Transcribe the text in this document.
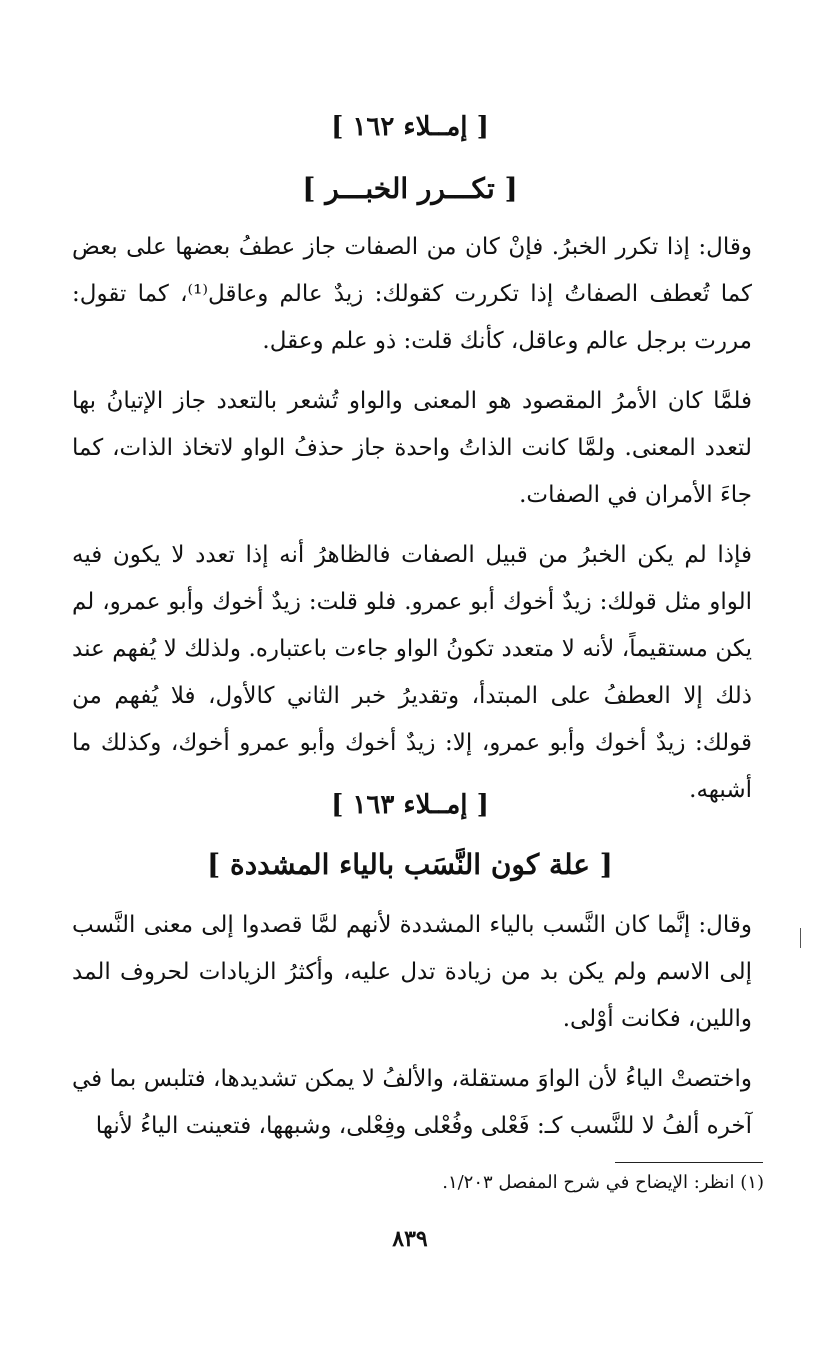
[ إمــلاء ١٦٢ ]
[ تكـــرر الخبـــر ]

وقال: إذا تكرر الخبرُ. فإنْ كان من الصفات جاز عطفُ بعضها على بعض كما تُعطف الصفاتُ إذا تكررت كقولك: زيدٌ عالم وعاقل⁽¹⁾، كما تقول: مررت برجل عالم وعاقل، كأنك قلت: ذو علم وعقل.

فلمَّا كان الأمرُ المقصود هو المعنى والواو تُشعر بالتعدد جاز الإتيانُ بها لتعدد المعنى. ولمَّا كانت الذاتُ واحدة جاز حذفُ الواو لاتخاذ الذات، كما جاءَ الأمران في الصفات.

فإذا لم يكن الخبرُ من قبيل الصفات فالظاهرُ أنه إذا تعدد لا يكون فيه الواو مثل قولك: زيدٌ أخوك أبو عمرو. فلو قلت: زيدٌ أخوك وأبو عمرو، لم يكن مستقيماً، لأنه لا متعدد تكونُ الواو جاءت باعتباره. ولذلك لا يُفهم عند ذلك إلا العطفُ على المبتدأ، وتقديرُ خبر الثاني كالأول، فلا يُفهم من قولك: زيدٌ أخوك وأبو عمرو، إلا: زيدٌ أخوك وأبو عمرو أخوك، وكذلك ما أشبهه.

[ إمــلاء ١٦٣ ]
[ علة كون النَّسَب بالياء المشددة ]

وقال: إنَّما كان النَّسب بالياء المشددة لأنهم لمَّا قصدوا إلى معنى النَّسب إلى الاسم ولم يكن بد من زيادة تدل عليه، وأكثرُ الزيادات لحروف المد واللين، فكانت أوْلى.

واختصتْ الياءُ لأن الواوَ مستقلة، والألفُ لا يمكن تشديدها، فتلبس بما في آخره ألفُ لا للنَّسب كـ: فَعْلى وفُعْلى وفِعْلى، وشبهها، فتعينت الياءُ لأنها

(١) انظر: الإيضاح في شرح المفصل ١/٢٠٣.
٨٣٩
